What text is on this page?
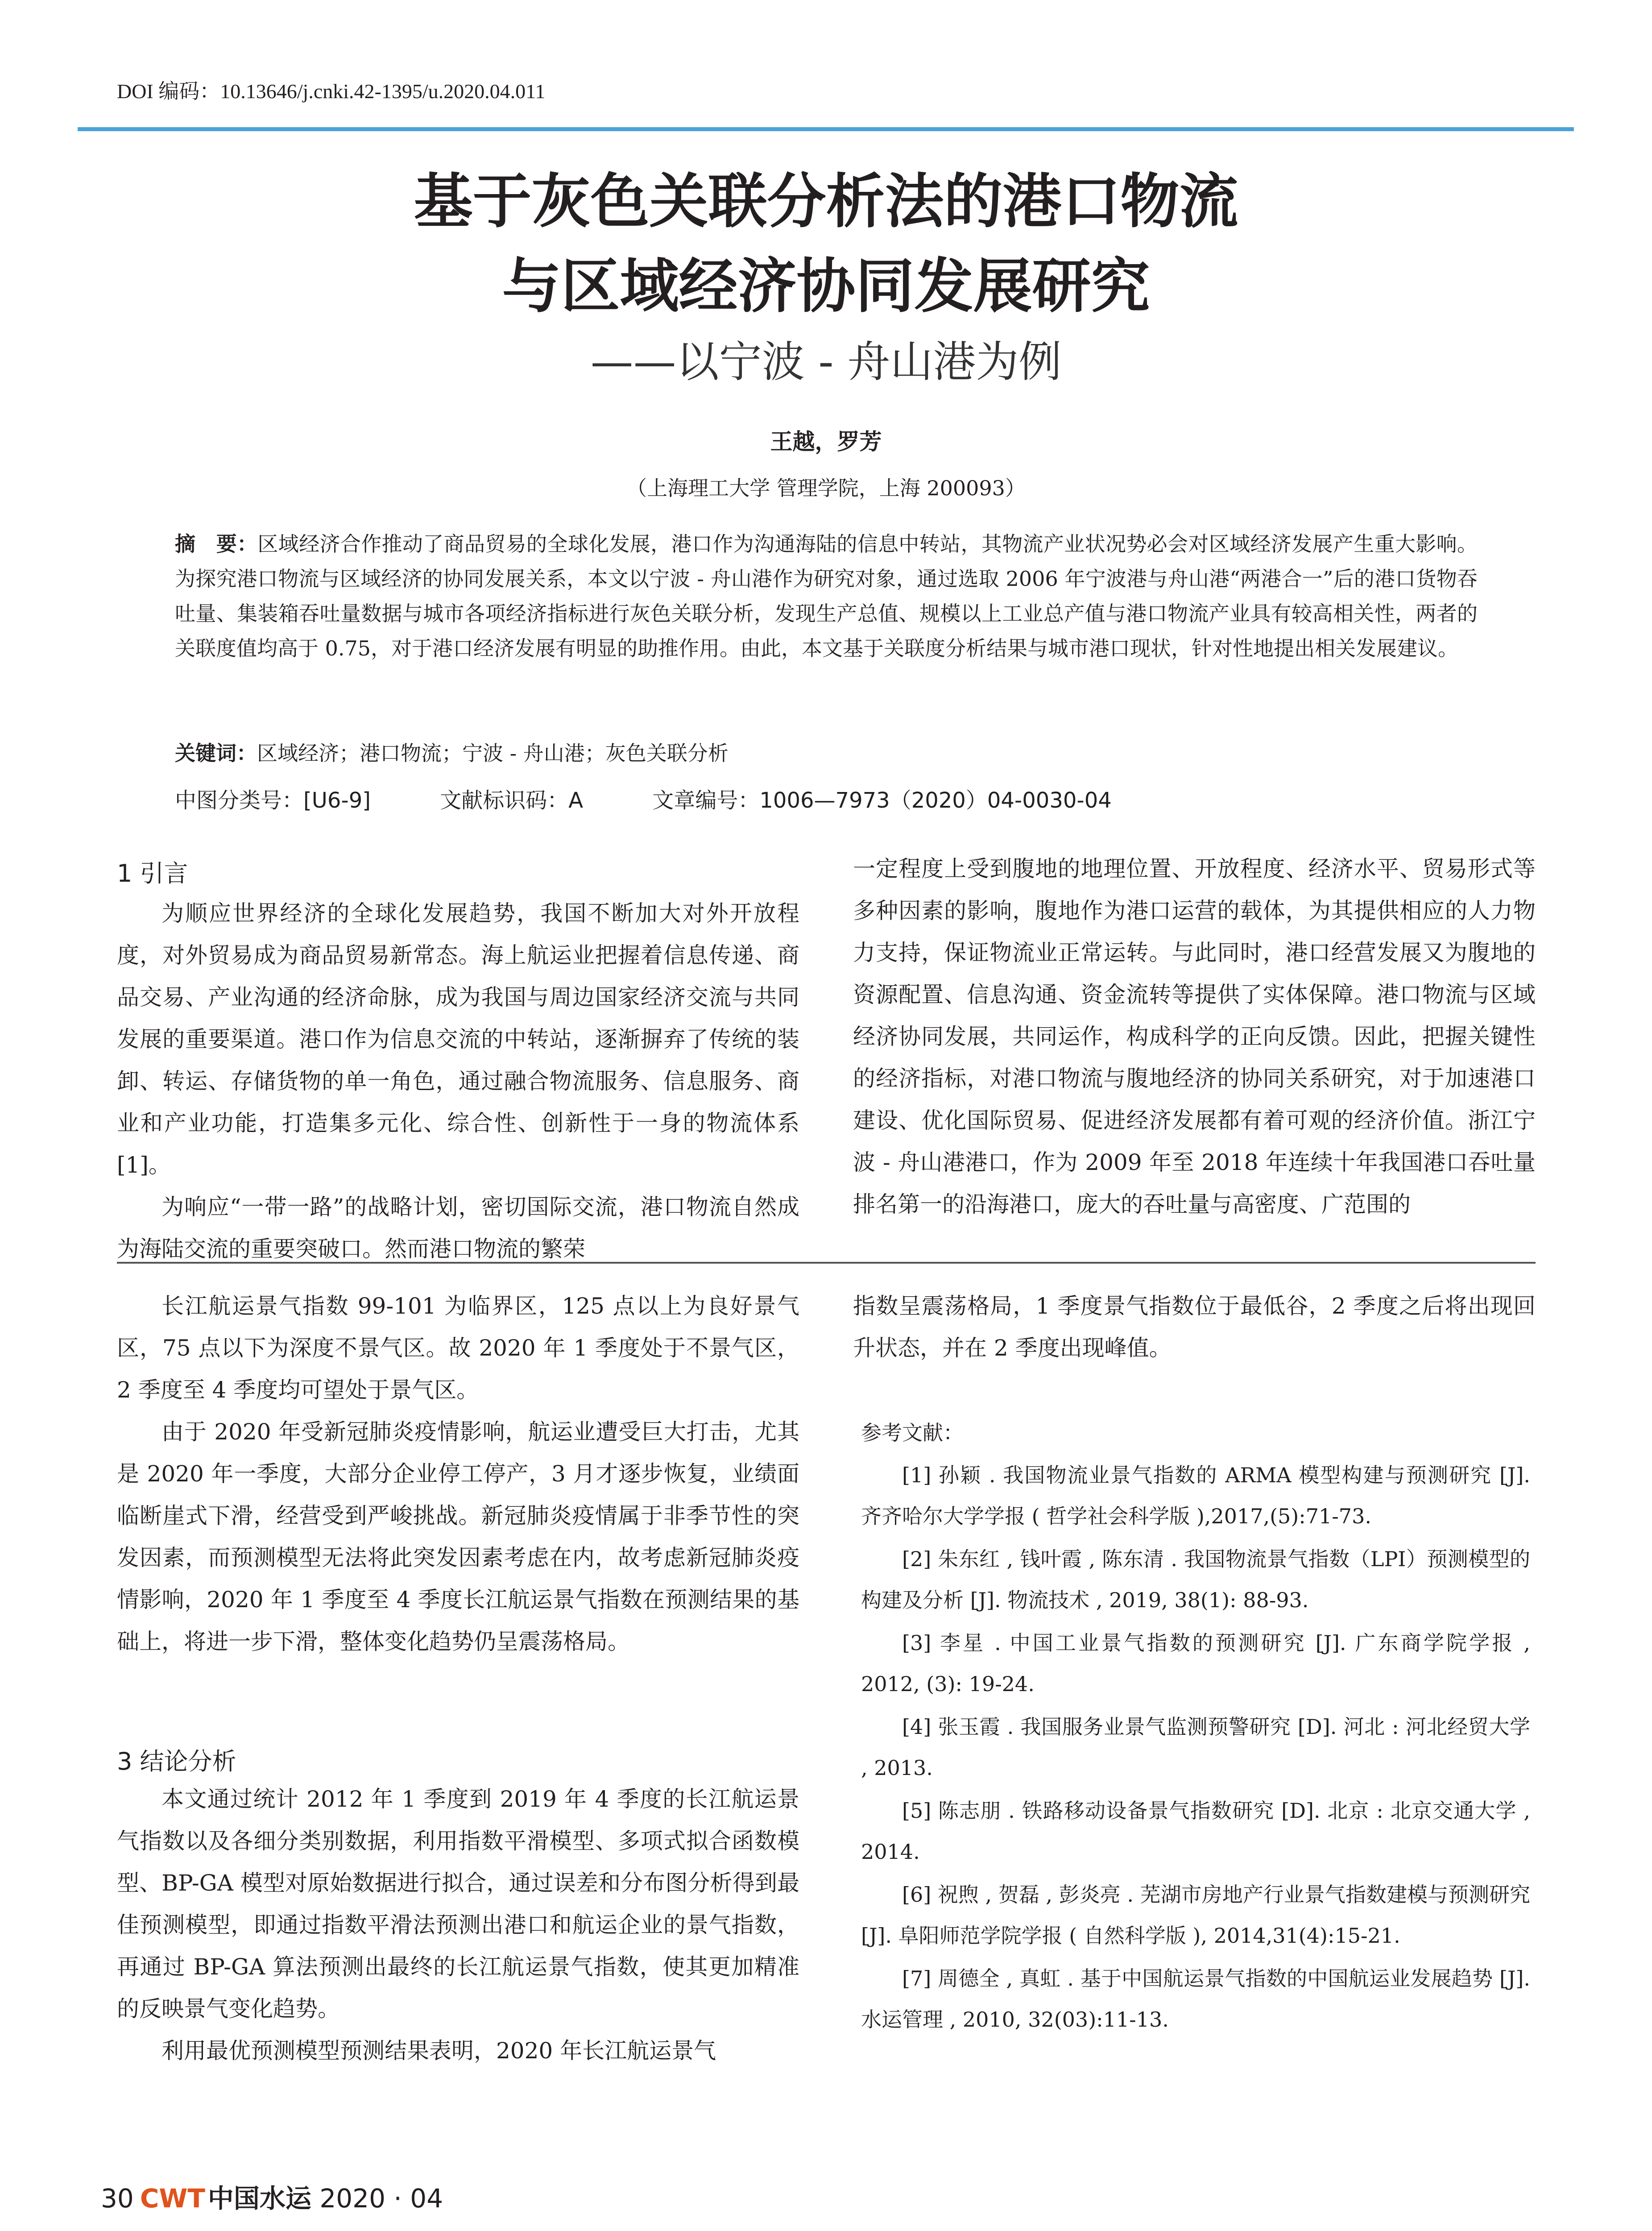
DOI 编码：10.13646/j.cnki.42-1395/u.2020.04.011
基于灰色关联分析法的港口物流
与区域经济协同发展研究
——以宁波 - 舟山港为例
王越，罗芳
（上海理工大学 管理学院，上海 200093）
摘　要：区域经济合作推动了商品贸易的全球化发展，港口作为沟通海陆的信息中转站，其物流产业状况势必会对区域经济发展产生重大影响。为探究港口物流与区域经济的协同发展关系，本文以宁波 - 舟山港作为研究对象，通过选取 2006 年宁波港与舟山港“两港合一”后的港口货物吞吐量、集装箱吞吐量数据与城市各项经济指标进行灰色关联分析，发现生产总值、规模以上工业总产值与港口物流产业具有较高相关性，两者的关联度值均高于 0.75，对于港口经济发展有明显的助推作用。由此，本文基于关联度分析结果与城市港口现状，针对性地提出相关发展建议。
关键词：区域经济；港口物流；宁波 - 舟山港；灰色关联分析
中图分类号：[U6-9]	文献标识码：A	文章编号：1006—7973（2020）04-0030-04
1 引言

为顺应世界经济的全球化发展趋势，我国不断加大对外开放程度，对外贸易成为商品贸易新常态。海上航运业把握着信息传递、商品交易、产业沟通的经济命脉，成为我国与周边国家经济交流与共同发展的重要渠道。港口作为信息交流的中转站，逐渐摒弃了传统的装卸、转运、存储货物的单一角色，通过融合物流服务、信息服务、商业和产业功能，打造集多元化、综合性、创新性于一身的物流体系 [1]。

为响应“一带一路”的战略计划，密切国际交流，港口物流自然成为海陆交流的重要突破口。然而港口物流的繁荣

一定程度上受到腹地的地理位置、开放程度、经济水平、贸易形式等多种因素的影响，腹地作为港口运营的载体，为其提供相应的人力物力支持，保证物流业正常运转。与此同时，港口经营发展又为腹地的资源配置、信息沟通、资金流转等提供了实体保障。港口物流与区域经济协同发展，共同运作，构成科学的正向反馈。因此，把握关键性的经济指标，对港口物流与腹地经济的协同关系研究，对于加速港口建设、优化国际贸易、促进经济发展都有着可观的经济价值。浙江宁波 - 舟山港港口，作为 2009 年至 2018 年连续十年我国港口吞吐量排名第一的沿海港口，庞大的吞吐量与高密度、广范围的

长江航运景气指数 99-101 为临界区，125 点以上为良好景气区，75 点以下为深度不景气区。故 2020 年 1 季度处于不景气区，2 季度至 4 季度均可望处于景气区。

由于 2020 年受新冠肺炎疫情影响，航运业遭受巨大打击，尤其是 2020 年一季度，大部分企业停工停产，3 月才逐步恢复，业绩面临断崖式下滑，经营受到严峻挑战。新冠肺炎疫情属于非季节性的突发因素，而预测模型无法将此突发因素考虑在内，故考虑新冠肺炎疫情影响，2020 年 1 季度至 4 季度长江航运景气指数在预测结果的基础上，将进一步下滑，整体变化趋势仍呈震荡格局。

3 结论分析

本文通过统计 2012 年 1 季度到 2019 年 4 季度的长江航运景气指数以及各细分类别数据，利用指数平滑模型、多项式拟合函数模型、BP-GA 模型对原始数据进行拟合，通过误差和分布图分析得到最佳预测模型，即通过指数平滑法预测出港口和航运企业的景气指数，再通过 BP-GA 算法预测出最终的长江航运景气指数，使其更加精准的反映景气变化趋势。

利用最优预测模型预测结果表明，2020 年长江航运景气

指数呈震荡格局，1 季度景气指数位于最低谷，2 季度之后将出现回升状态，并在 2 季度出现峰值。

参考文献：

[1] 孙颖 . 我国物流业景气指数的 ARMA 模型构建与预测研究 [J]. 齐齐哈尔大学学报 ( 哲学社会科学版 ),2017,(5):71-73.

[2] 朱东红 , 钱叶霞 , 陈东清 . 我国物流景气指数（LPI）预测模型的构建及分析 [J]. 物流技术 , 2019, 38(1): 88-93.

[3] 李星 . 中国工业景气指数的预测研究 [J]. 广东商学院学报 , 2012, (3): 19-24.

[4] 张玉霞 . 我国服务业景气监测预警研究 [D]. 河北 : 河北经贸大学 , 2013.

[5] 陈志朋 . 铁路移动设备景气指数研究 [D]. 北京 : 北京交通大学 , 2014.

[6] 祝煦 , 贺磊 , 彭炎亮 . 芜湖市房地产行业景气指数建模与预测研究 [J]. 阜阳师范学院学报 ( 自然科学版 ), 2014,31(4):15-21.

[7] 周德全 , 真虹 . 基于中国航运景气指数的中国航运业发展趋势 [J]. 水运管理 , 2010, 32(03):11-13.

30 CWT 中国水运 2020 · 04
